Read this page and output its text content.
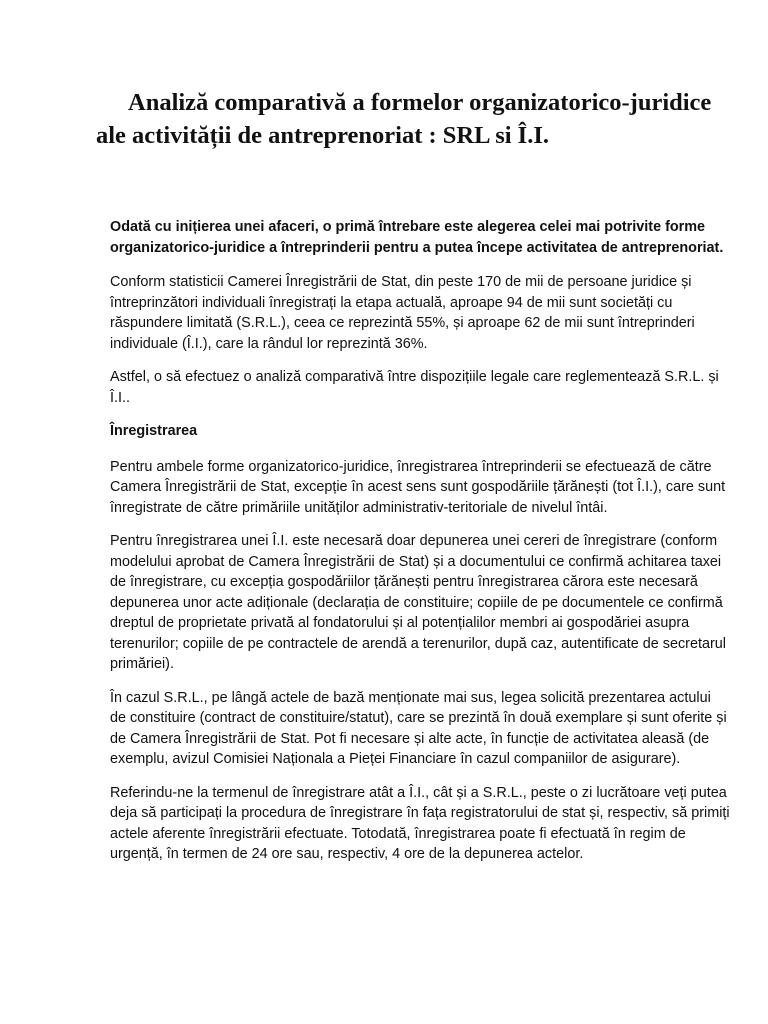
Analiză comparativă a formelor organizatorico-juridice ale activității de antreprenoriat : SRL si Î.I.

Odată cu inițierea unei afaceri, o primă întrebare este alegerea celei mai potrivite forme organizatorico-juridice a întreprinderii pentru a putea începe activitatea de antreprenoriat.

Conform statisticii Camerei Înregistrării de Stat, din peste 170 de mii de persoane juridice și întreprinzători individuali înregistrați la etapa actuală, aproape 94 de mii sunt societăți cu răspundere limitată (S.R.L.), ceea ce reprezintă 55%, și aproape 62 de mii sunt întreprinderi individuale (Î.I.), care la rândul lor reprezintă 36%.

Astfel, o să efectuez o analiză comparativă între dispozițiile legale care reglementează S.R.L. și Î.I..

Înregistrarea

Pentru ambele forme organizatorico-juridice, înregistrarea întreprinderii se efectuează de către Camera Înregistrării de Stat, excepție în acest sens sunt gospodăriile țărănești (tot Î.I.), care sunt înregistrate de către primăriile unităților administrativ-teritoriale de nivelul întâi.

Pentru înregistrarea unei Î.I. este necesară doar depunerea unei cereri de înregistrare (conform modelului aprobat de Camera Înregistrării de Stat) și a documentului ce confirmă achitarea taxei de înregistrare, cu excepția gospodăriilor țărănești pentru înregistrarea cărora este necesară depunerea unor acte adiționale (declarația de constituire; copiile de pe documentele ce confirmă dreptul de proprietate privată al fondatorului și al potențialilor membri ai gospodăriei asupra terenurilor; copiile de pe contractele de arendă a terenurilor, după caz, autentificate de secretarul primăriei).

În cazul S.R.L., pe lângă actele de bază menționate mai sus, legea solicită prezentarea actului de constituire (contract de constituire/statut), care se prezintă în două exemplare și sunt oferite și de Camera Înregistrării de Stat. Pot fi necesare și alte acte, în funcție de activitatea aleasă (de exemplu, avizul Comisiei Naționala a Pieței Financiare în cazul companiilor de asigurare).

Referindu-ne la termenul de înregistrare atât a Î.I., cât și a S.R.L., peste o zi lucrătoare veți putea deja să participați la procedura de înregistrare în fața registratorului de stat și, respectiv, să primiți actele aferente înregistrării efectuate. Totodată, înregistrarea poate fi efectuată în regim de urgență, în termen de 24 ore sau, respectiv, 4 ore de la depunerea actelor.
